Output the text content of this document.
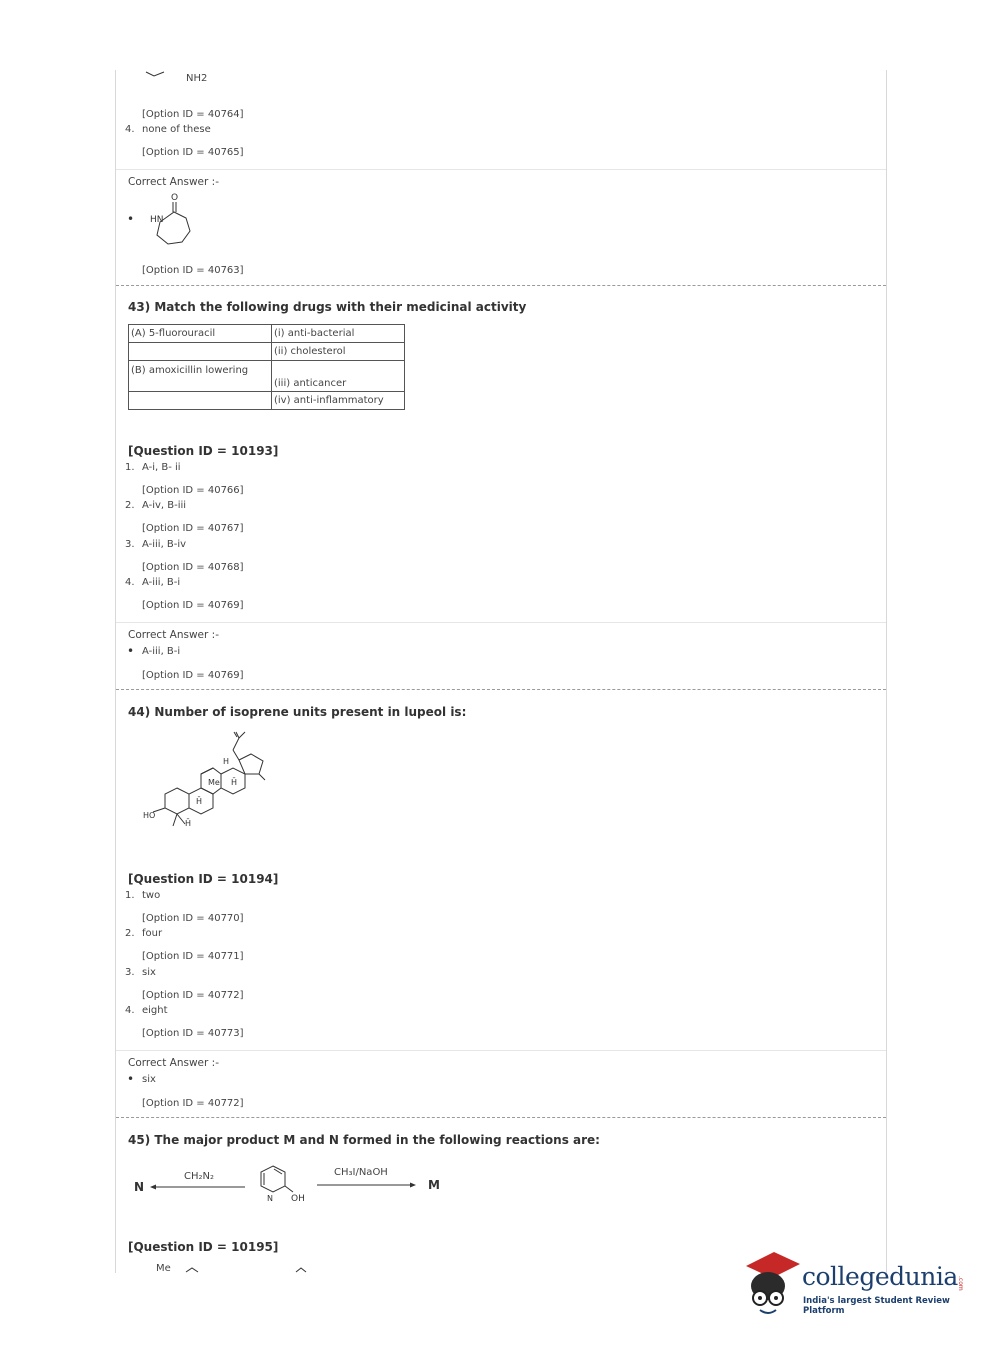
NH2
[Option ID = 40764]
4. none of these
[Option ID = 40765]
Correct Answer :-
•
O
HN
[Option ID = 40763]
43) Match the following drugs with their medicinal activity
(A) 5-fluorouracil	(i) anti-bacterial
	(ii) cholesterol
(B) amoxicillin lowering	(iii) anticancer
	(iv) anti-inflammatory
[Question ID = 10193]
1. A-i, B- ii
[Option ID = 40766]
2. A-iv, B-iii
[Option ID = 40767]
3. A-iii, B-iv
[Option ID = 40768]
4. A-iii, B-i
[Option ID = 40769]
Correct Answer :-
• A-iii, B-i
[Option ID = 40769]
44) Number of isoprene units present in lupeol is:
H
Me H̄
H̄
HO
H̄
[Question ID = 10194]
1. two
[Option ID = 40770]
2. four
[Option ID = 40771]
3. six
[Option ID = 40772]
4. eight
[Option ID = 40773]
Correct Answer :-
• six
[Option ID = 40772]
45) The major product M and N formed in the following reactions are:
N
CH₂N₂
N OH
CH₃I/NaOH
M
[Question ID = 10195]
Me	collegedunia .com
India's largest Student Review Platform
